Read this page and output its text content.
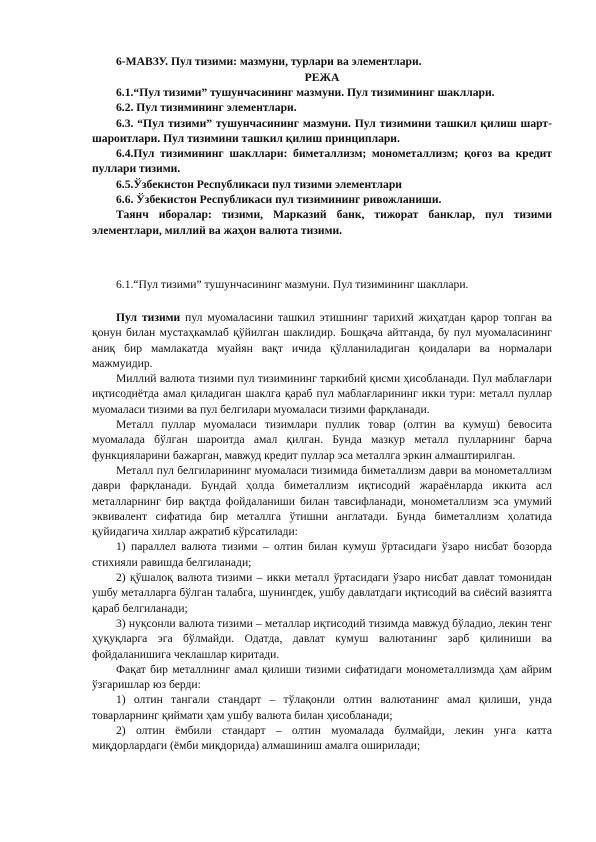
6-МАВЗУ. Пул тизими: мазмуни, турлари ва элементлари.
РЕЖА

6.1.“Пул тизими” тушунчасининг мазмуни. Пул тизимининг шакллари.

6.2. Пул тизимининг элементлари.

6.3. “Пул тизими” тушунчасининг мазмуни. Пул тизимини ташкил қилиш шарт-шароитлари. Пул тизимини ташкил қилиш принциплари.

6.4.Пул тизимининг шакллари: биметаллизм; монометаллизм; қоғоз ва кредит пуллари тизими.

6.5.Ўзбекистон Республикаси пул тизими элементлари

6.6. Ўзбекистон Республикаси пул тизимининг ривожланиши.

Таянч иборалар: тизими, Марказий банк, тижорат банклар, пул тизими элементлари, миллий ва жаҳон валюта тизими.

6.1.“Пул тизими” тушунчасининг мазмуни. Пул тизимининг шакллари.

Пул тизими пул муомаласини ташкил этишнинг тарихий жиҳатдан қарор топган ва қонун билан мустаҳкамлаб қўйилган шаклидир. Бошқача айтганда, бу пул муомаласининг аниқ бир мамлакатда муайян вақт ичида қўлланиладиган қоидалари ва нормалари мажмуидир.

Миллий валюта тизими пул тизимининг таркибий қисми ҳисобланади. Пул маблағлари иқтисодиётда амал қиладиган шаклга қараб пул маблағларининг икки тури: металл пуллар муомаласи тизими ва пул белгилари муомаласи тизими фарқланади.

Металл пуллар муомаласи тизимлари пуллик товар (олтин ва кумуш) бевосита муомалада бўлган шароитда амал қилган. Бунда мазкур металл пулларнинг барча функцияларини бажарган, мавжуд кредит пуллар эса металлга эркин алмаштирилган.

Металл пул белгиларининг муомаласи тизимида биметаллизм даври ва монометаллизм даври фарқланади. Бундай ҳолда биметаллизм иқтисодий жараёнларда иккита асл металларнинг бир вақтда фойдаланиши билан тавсифланади, монометаллизм эса умумий эквивалент сифатида бир металлга ўтишни англатади. Бунда биметаллизм ҳолатида қуйидагича хиллар ажратиб кўрсатилади:

1) параллел валюта тизими – олтин билан кумуш ўртасидаги ўзаро нисбат бозорда стихияли равишда белгиланади;

2) қўшалоқ валюта тизими – икки металл ўртасидаги ўзаро нисбат давлат томонидан ушбу металларга бўлган талабга, шунингдек, ушбу давлатдаги иқтисодий ва сиёсий вазиятга қараб белгиланади;

3) нуқсонли валюта тизими – металлар иқтисодий тизимда мавжуд бўладио, лекин тенг ҳуқуқларга эга бўлмайди. Одатда, давлат кумуш валютанинг зарб қилиниши ва фойдаланишига чеклашлар киритади.

Фақат бир металлнинг амал қилиши тизими сифатидаги монометаллизмда ҳам айрим ўзгаришлар юз берди:

1) олтин тангали стандарт – тўлақонли олтин валютанинг амал қилиши, унда товарларнинг қиймати ҳам ушбу валюта билан ҳисобланади;

2) олтин ёмбили стандарт – олтин муомалада булмайди, лекин унга катта миқдорлардаги (ёмби миқдорида) алмашиниш амалга оширилади;
